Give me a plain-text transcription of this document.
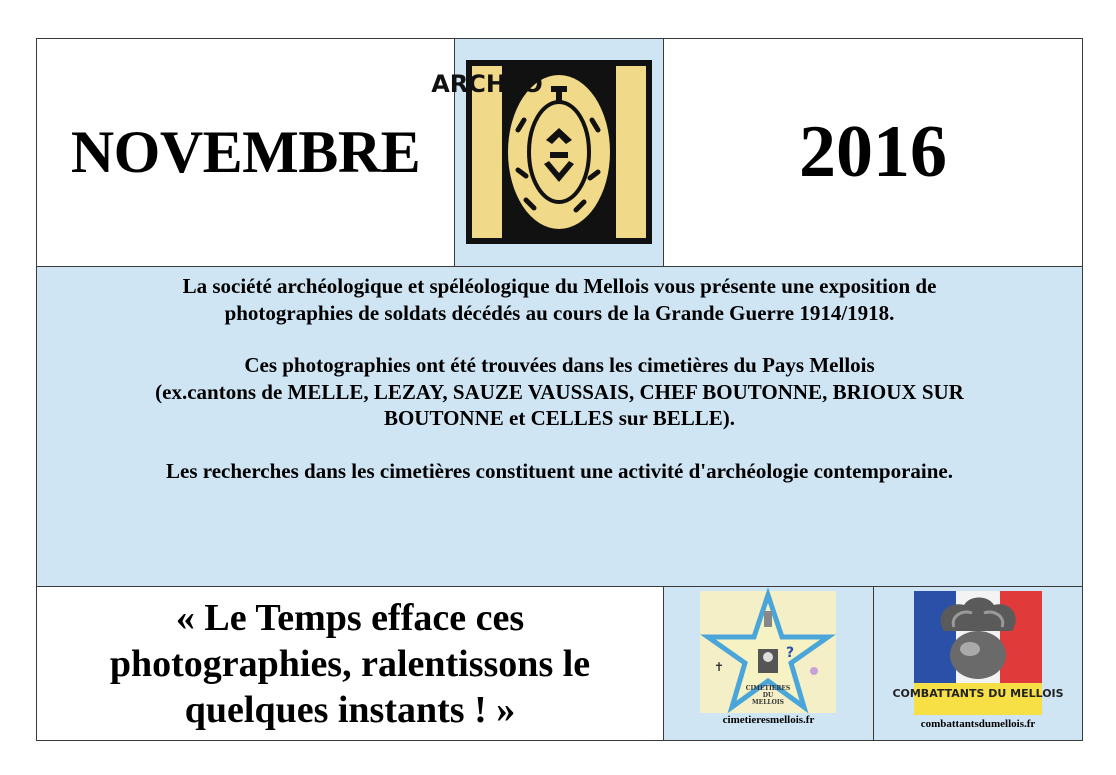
NOVEMBRE
ARCHEO
2016

La société archéologique et spéléologique du Mellois vous présente une exposition de

photographies de soldats décédés au cours de la Grande Guerre 1914/1918.

Ces photographies ont été trouvées dans les cimetières du Pays Mellois

(ex.cantons de MELLE, LEZAY, SAUZE VAUSSAIS, CHEF BOUTONNE, BRIOUX SUR

BOUTONNE et CELLES sur BELLE).

Les recherches dans les cimetières constituent une activité d'archéologie contemporaine.

« Le Temps efface ces
photographies, ralentissons le
quelques instants ! »
?
✝
CIMETIERES
DU
MELLOIS
cimetieresmellois.fr
COMBATTANTS DU MELLOIS
combattantsdumellois.fr
